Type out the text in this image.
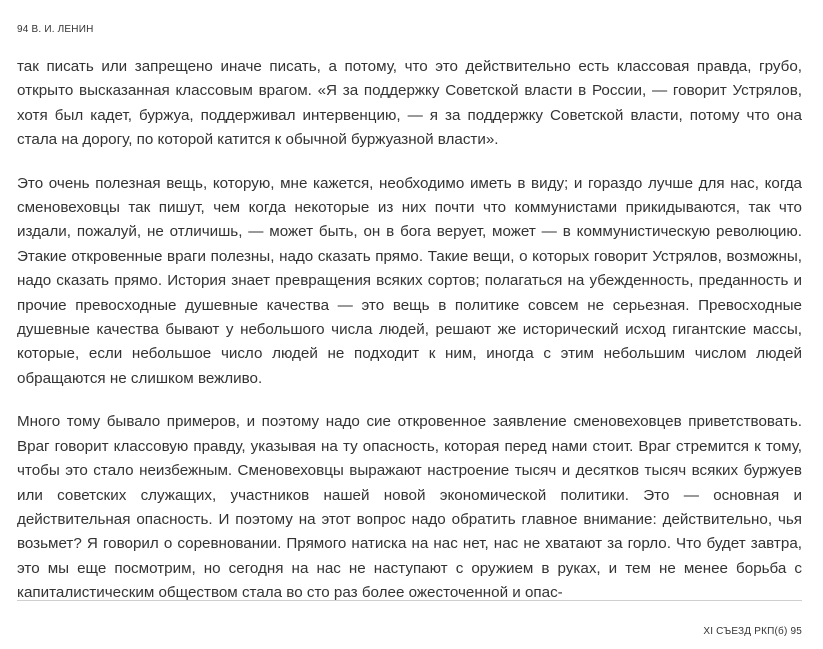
94 В. И. ЛЕНИН

так писать или запрещено иначе писать, а потому, что это действительно есть классовая правда, грубо, открыто высказанная классовым врагом. «Я за поддержку Советской власти в России, — говорит Устрялов, хотя был кадет, буржуа, поддерживал интервенцию, — я за поддержку Советской власти, потому что она стала на дорогу, по которой катится к обычной буржуазной власти».

Это очень полезная вещь, которую, мне кажется, необходимо иметь в виду; и гораздо лучше для нас, когда сменовеховцы так пишут, чем когда некоторые из них почти что коммунистами прикидываются, так что издали, пожалуй, не отличишь, — может быть, он в бога верует, может — в коммунистическую революцию. Этакие откровенные враги полезны, надо сказать прямо. Такие вещи, о которых говорит Устрялов, возможны, надо сказать прямо. История знает превращения всяких сортов; полагаться на убежденность, преданность и прочие превосходные душевные качества — это вещь в политике совсем не серьезная. Превосходные душевные качества бывают у небольшого числа людей, решают же исторический исход гигантские массы, которые, если небольшое число людей не подходит к ним, иногда с этим небольшим числом людей обращаются не слишком вежливо.

Много тому бывало примеров, и поэтому надо сие откровенное заявление сменовеховцев приветствовать. Враг говорит классовую правду, указывая на ту опасность, которая перед нами стоит. Враг стремится к тому, чтобы это стало неизбежным. Сменовеховцы выражают настроение тысяч и десятков тысяч всяких буржуев или советских служащих, участников нашей новой экономической политики. Это — основная и действительная опасность. И поэтому на этот вопрос надо обратить главное внимание: действительно, чья возьмет? Я говорил о соревновании. Прямого натиска на нас нет, нас не хватают за горло. Что будет завтра, это мы еще посмотрим, но сегодня на нас не наступают с оружием в руках, и тем не менее борьба с капиталистическим обществом стала во сто раз более ожесточенной и опас-

XI СЪЕЗД РКП(б) 95
